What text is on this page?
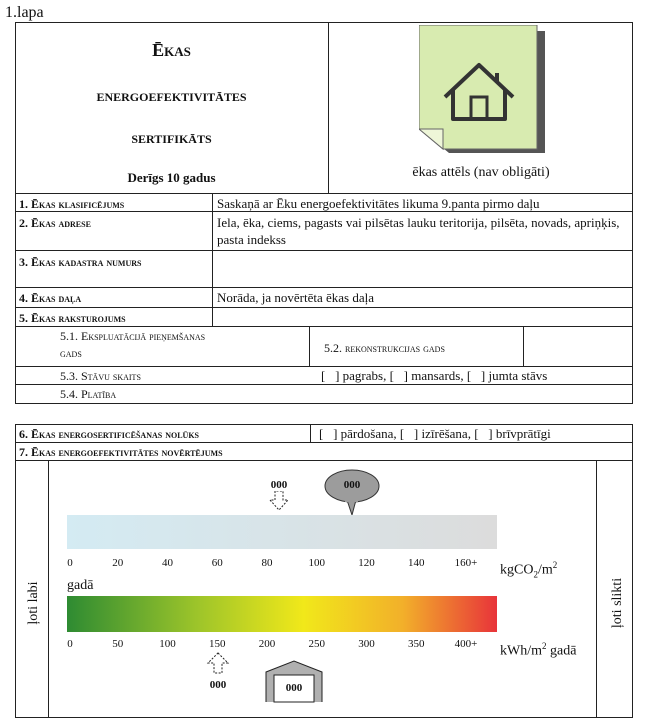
1.lapa
Ēkas
energoefektivitātes
sertifikāts
Derīgs 10 gadus	ēkas attēls (nav obligāti)
1. Ēkas klasificējums	Saskaņā ar Ēku energoefektivitātes likuma 9.panta pirmo daļu
2. Ēkas adrese	Iela, ēka, ciems, pagasts vai pilsētas lauku teritorija, pilsēta, novads, apriņķis, pasta indekss
3. Ēkas kadastra numurs
4. Ēkas daļa	Norāda, ja novērtēta ēkas daļa
5. Ēkas raksturojums
5.1. Ekspluatācijā pieņemšanas gads	5.2. rekonstrukcijas gads
5.3. Stāvu skaits	[   ] pagrabs, [   ] mansards, [   ] jumta stāvs
5.4. Platība
6. Ēkas energosertificēšanas nolūks	[   ] pārdošana, [   ] izīrēšana, [   ] brīvprātīgi
7. Ēkas energoefektivitātes novērtējums
ļoti labi	ļoti slikti
000	000
0	20	40	60	80	100	120	140	$160+ kgCO_2/m^2$
gadā
0	50	100	150	200	250	300	350	400+ kWh/$m^2$ gadā
000	000
